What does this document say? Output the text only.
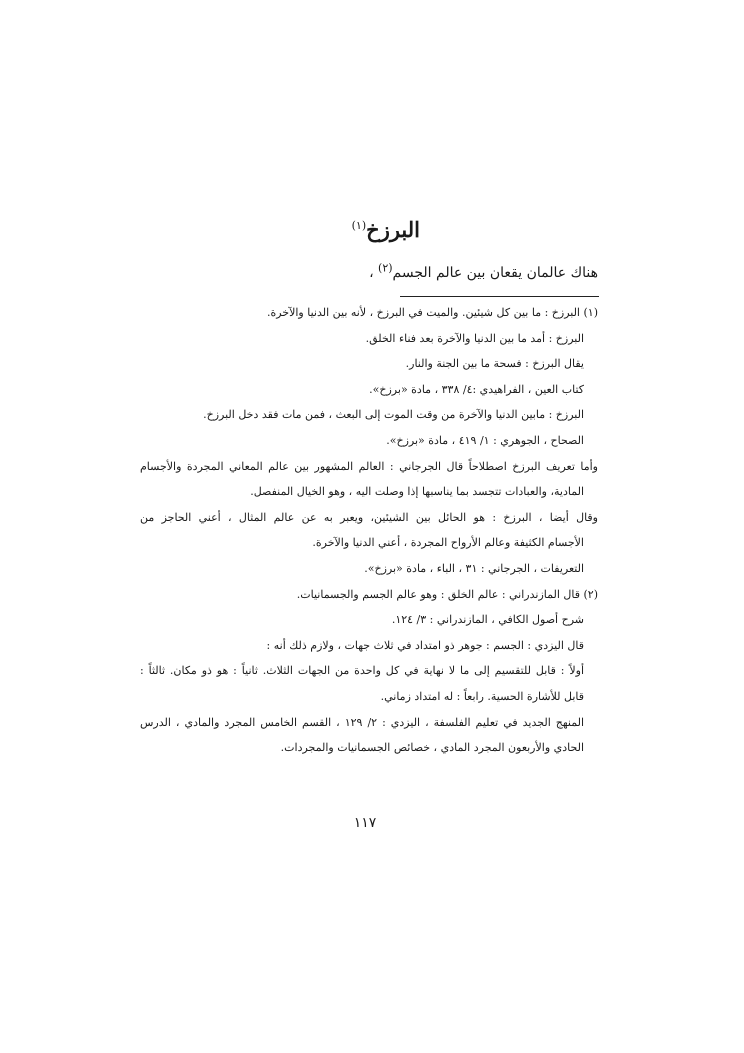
البرزخ$^{(١)}$
هناك عالمان يقعان بين عالم الجسم$^{(٢)}$ ،
(١) البرزخ : ما بين كل شيئين. والميت في البرزخ ، لأنه بين الدنيا والآخرة.
البرزخ : أمد ما بين الدنيا والآخرة بعد فناء الخلق.
يقال البرزخ : فسحة ما بين الجنة والنار.
كتاب العين ، الفراهيدي :٤/ ٣٣٨ ، مادة «برزخ».
البرزخ : مابين الدنيا والآخرة من وقت الموت إلى البعث ، فمن مات فقد دخل البرزخ.
الصحاح ، الجوهري : ١/ ٤١٩ ، مادة «برزخ».
وأما تعريف البرزخ اصطلاحاً قال الجرجاني : العالم المشهور بين عالم المعاني المجردة والأجسام
المادية، والعبادات تتجسد بما يناسبها إذا وصلت اليه ، وهو الخيال المنفصل.
وقال أيضا ، البرزخ : هو الحائل بين الشيئين، ويعبر به عن عالم المثال ، أعني الحاجز من
الأجسام الكثيفة وعالم الأرواح المجردة ، أعني الدنيا والآخرة.
التعريفات ، الجرجاني : ٣١ ، الباء ، مادة «برزخ».
(٢) قال المازندراني : عالم الخلق : وهو عالم الجسم والجسمانيات.
شرح أصول الكافي ، المازندراني : ٣/ ١٢٤.
قال اليزدي : الجسم : جوهر ذو امتداد في ثلاث جهات ، ولازم ذلك أنه :
أولاً : قابل للتقسيم إلى ما لا نهاية في كل واحدة من الجهات الثلاث. ثانياً : هو ذو مكان. ثالثاً :
قابل للأشارة الحسية. رابعاً : له امتداد زماني.
المنهج الجديد في تعليم الفلسفة ، اليزدي : ٢/ ١٢٩ ، القسم الخامس المجرد والمادي ، الدرس
الحادي والأربعون المجرد المادي ، خصائص الجسمانيات والمجردات.
١١٧
